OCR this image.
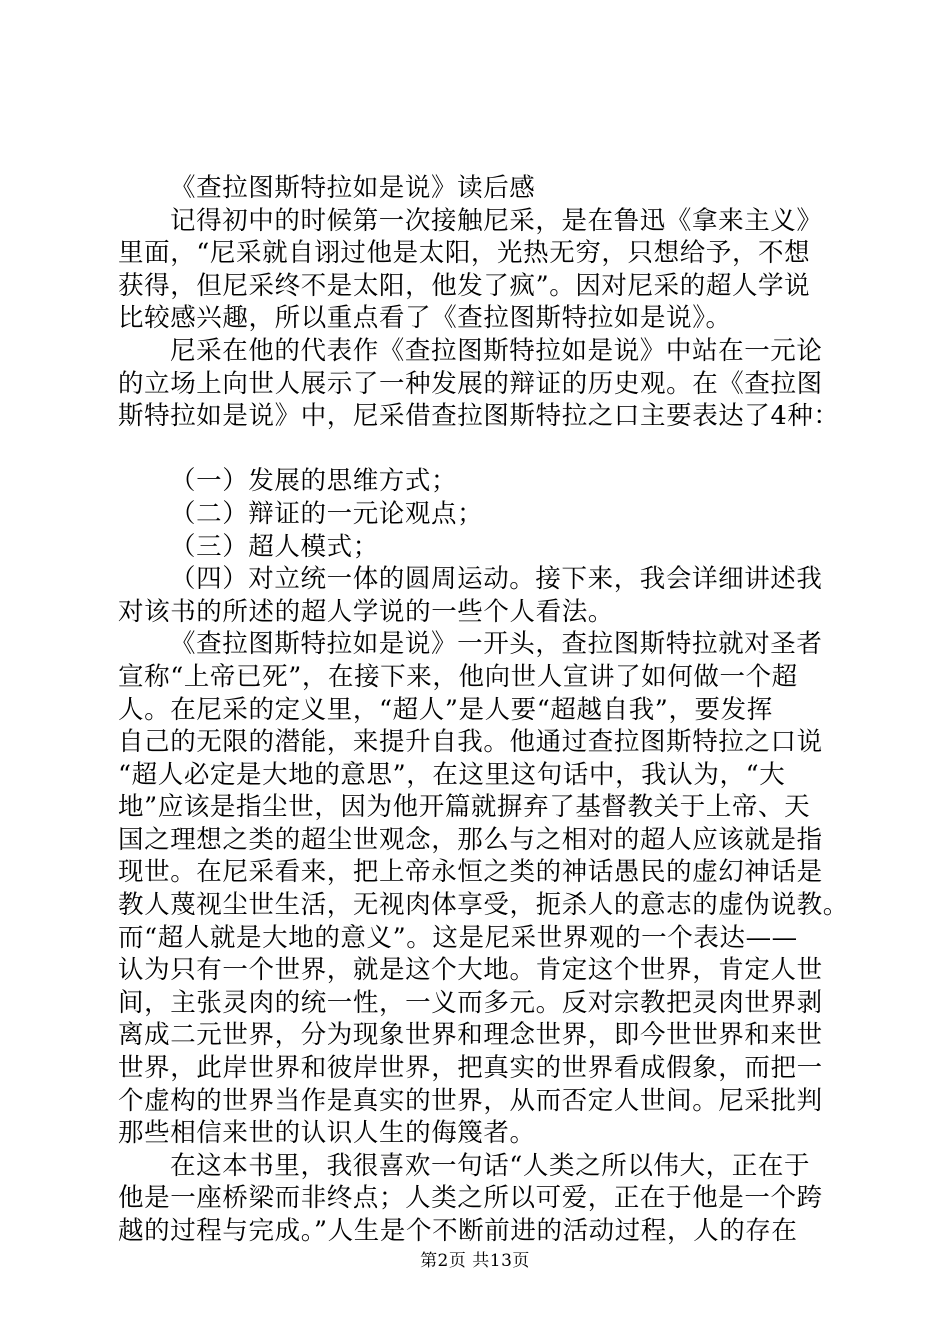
《查拉图斯特拉如是说》读后感
记得初中的时候第一次接触尼采，是在鲁迅《拿来主义》
里面，“尼采就自诩过他是太阳，光热无穷，只想给予，不想
获得，但尼采终不是太阳，他发了疯”。因对尼采的超人学说
比较感兴趣，所以重点看了《查拉图斯特拉如是说》。
尼采在他的代表作《查拉图斯特拉如是说》中站在一元论
的立场上向世人展示了一种发展的辩证的历史观。在《查拉图
斯特拉如是说》中，尼采借查拉图斯特拉之口主要表达了4种：
（一）发展的思维方式；
（二）辩证的一元论观点；
（三）超人模式；
（四）对立统一体的圆周运动。接下来，我会详细讲述我
对该书的所述的超人学说的一些个人看法。
《查拉图斯特拉如是说》一开头，查拉图斯特拉就对圣者
宣称“上帝已死”，在接下来，他向世人宣讲了如何做一个超
人。在尼采的定义里，“超人”是人要“超越自我”，要发挥
自己的无限的潜能，来提升自我。他通过查拉图斯特拉之口说
“超人必定是大地的意思”，在这里这句话中，我认为，“大
地”应该是指尘世，因为他开篇就摒弃了基督教关于上帝、天
国之理想之类的超尘世观念，那么与之相对的超人应该就是指
现世。在尼采看来，把上帝永恒之类的神话愚民的虚幻神话是
教人蔑视尘世生活，无视肉体享受，扼杀人的意志的虚伪说教。
而“超人就是大地的意义”。这是尼采世界观的一个表达——
认为只有一个世界，就是这个大地。肯定这个世界，肯定人世
间，主张灵肉的统一性，一义而多元。反对宗教把灵肉世界剥
离成二元世界，分为现象世界和理念世界，即今世世界和来世
世界，此岸世界和彼岸世界，把真实的世界看成假象，而把一
个虚构的世界当作是真实的世界，从而否定人世间。尼采批判
那些相信来世的认识人生的侮篾者。
在这本书里，我很喜欢一句话“人类之所以伟大，正在于
他是一座桥梁而非终点；人类之所以可爱，正在于他是一个跨
越的过程与完成。”人生是个不断前进的活动过程，人的存在
第2页 共13页
